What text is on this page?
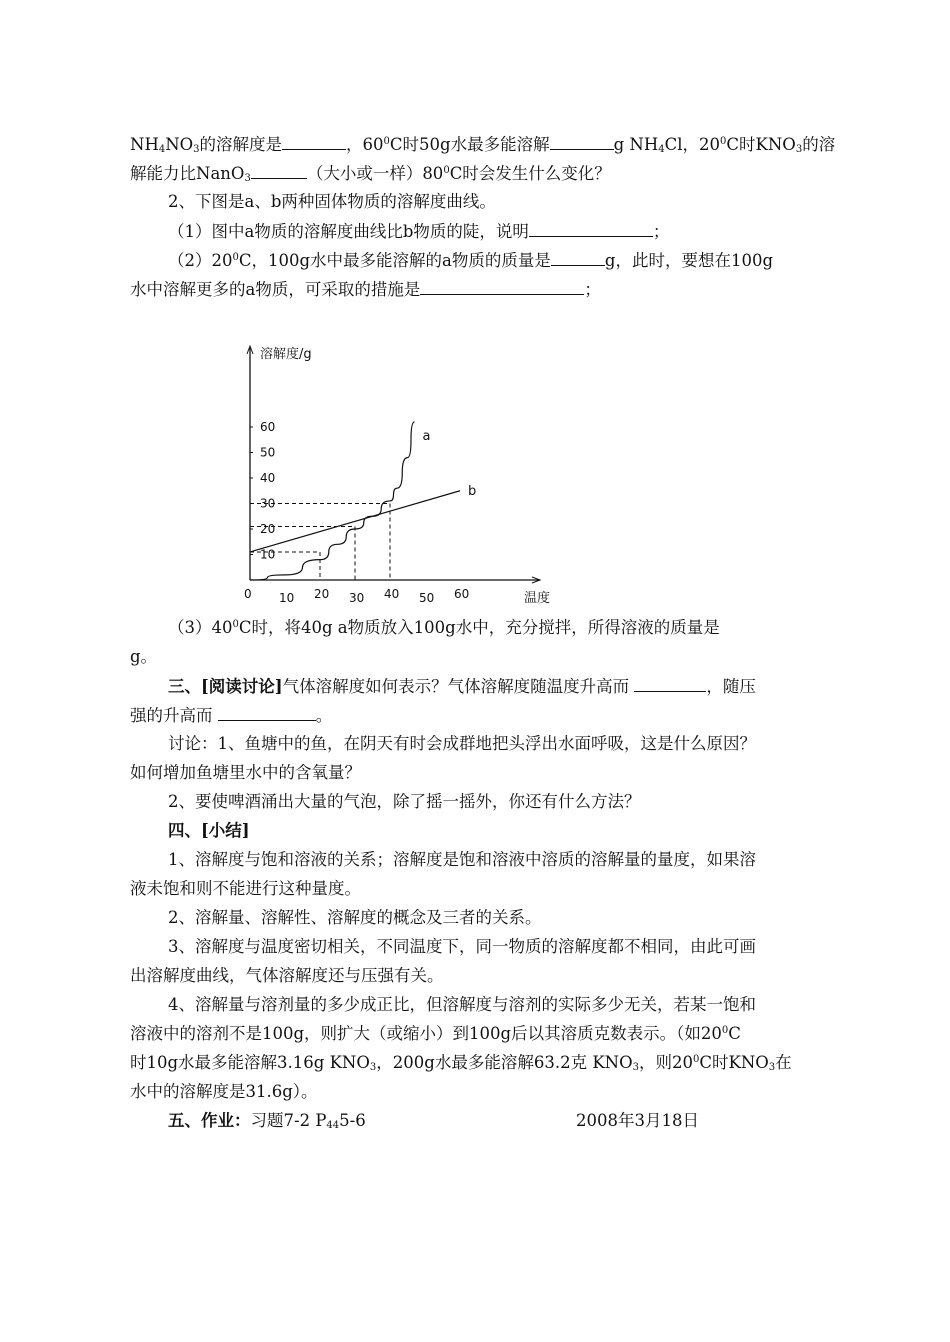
$NH_4NO_3$的溶解度是	，$60^0C$时50g水最多能溶解	g $NH_4Cl$，$20^0C$时$KNO_3$的溶
解能力比NanO$_3$	（大小或一样）$80^0C$时会发生什么变化？
2、下图是a、b两种固体物质的溶解度曲线。
（1）图中a物质的溶解度曲线比b物质的陡，说明	；
$(2)20^0C$，100g水中最多能溶解的a物质的质量是	g，此时，要想在100g
水中溶解更多的a物质，可采取的措施是	；
溶解度/g
温度
a
b
10
20
30
40
50
60
0 10 20 30 40 50 60
$(3)40^0C$时，将40g a物质放入100g水中，充分搅拌，所得溶液的质量是
g。
三、[阅读讨论]气体溶解度如何表示？气体溶解度随温度升高而	，随压
强的升高而	。
讨论：1、鱼塘中的鱼，在阴天有时会成群地把头浮出水面呼吸，这是什么原因？
如何增加鱼塘里水中的含氧量？
2、要使啤酒涌出大量的气泡，除了摇一摇外，你还有什么方法？
四、[小结]
1、溶解度与饱和溶液的关系；溶解度是饱和溶液中溶质的溶解量的量度，如果溶
液未饱和则不能进行这种量度。
2、溶解量、溶解性、溶解度的概念及三者的关系。
3、溶解度与温度密切相关，不同温度下，同一物质的溶解度都不相同，由此可画
出溶解度曲线，气体溶解度还与压强有关。
4、溶解量与溶剂量的多少成正比，但溶解度与溶剂的实际多少无关，若某一饱和
溶液中的溶剂不是100g，则扩大（或缩小）到100g后以其溶质克数表示。（如$20^0C$
时10g水最多能溶解3.16g $KNO_3$，200g水最多能溶解63.2克 $KNO_3$，则$20^0C$时$KNO_3$在
水中的溶解度是31.6g）。
五、作业：习题7-2 $P_{44}5-6$	2008年3月18日
